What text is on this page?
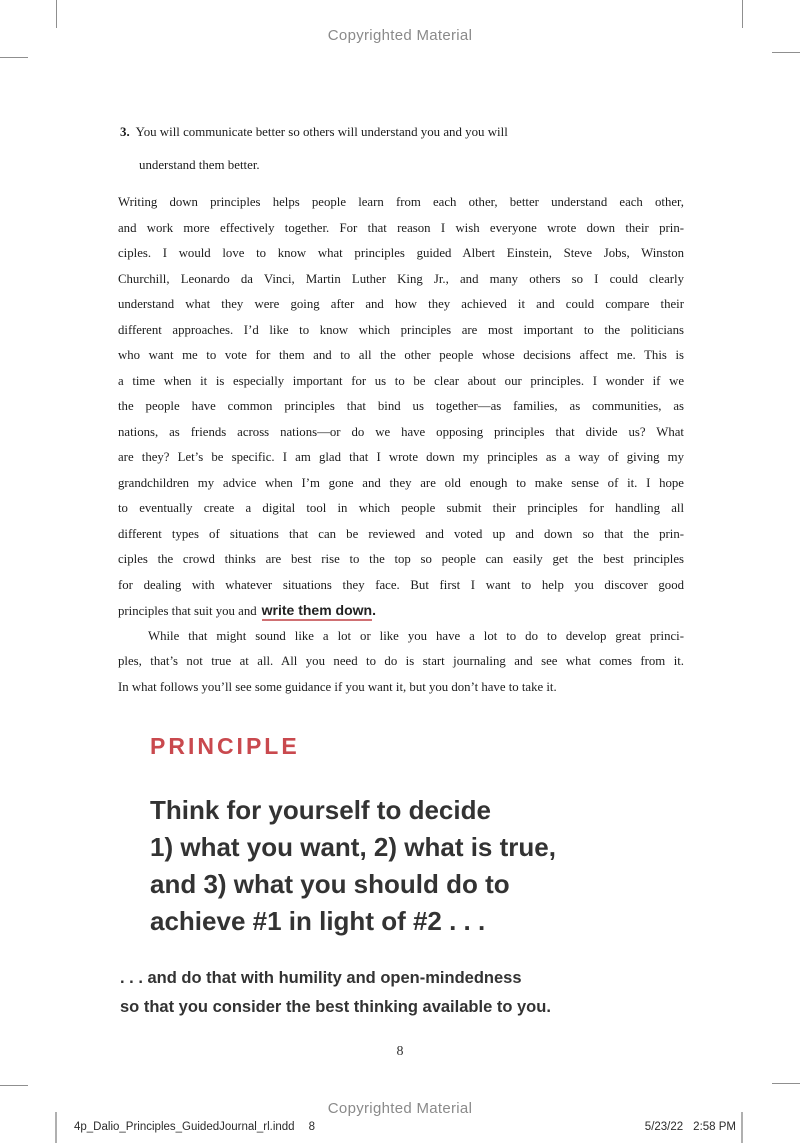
Copyrighted Material
3. You will communicate better so others will understand you and you will
understand them better.
Writing down principles helps people learn from each other, better understand each other,
and work more effectively together. For that reason I wish everyone wrote down their prin-
ciples. I would love to know what principles guided Albert Einstein, Steve Jobs, Winston
Churchill, Leonardo da Vinci, Martin Luther King Jr., and many others so I could clearly
understand what they were going after and how they achieved it and could compare their
different approaches. I’d like to know which principles are most important to the politicians
who want me to vote for them and to all the other people whose decisions affect me. This is
a time when it is especially important for us to be clear about our principles. I wonder if we
the people have common principles that bind us together—as families, as communities, as
nations, as friends across nations—or do we have opposing principles that divide us? What
are they? Let’s be specific. I am glad that I wrote down my principles as a way of giving my
grandchildren my advice when I’m gone and they are old enough to make sense of it. I hope
to eventually create a digital tool in which people submit their principles for handling all
different types of situations that can be reviewed and voted up and down so that the prin-
ciples the crowd thinks are best rise to the top so people can easily get the best principles
for dealing with whatever situations they face. But first I want to help you discover good
principles that suit you and write them down.
While that might sound like a lot or like you have a lot to do to develop great princi-
ples, that’s not true at all. All you need to do is start journaling and see what comes from it.
In what follows you’ll see some guidance if you want it, but you don’t have to take it.
PRINCIPLE
Think for yourself to decide
1) what you want, 2) what is true,
and 3) what you should do to
achieve #1 in light of #2 . . .
. . . and do that with humility and open-mindedness
so that you consider the best thinking available to you.
8
Copyrighted Material
4p_Dalio_Principles_GuidedJournal_rl.indd 8	5/23/22 2:58 PM
